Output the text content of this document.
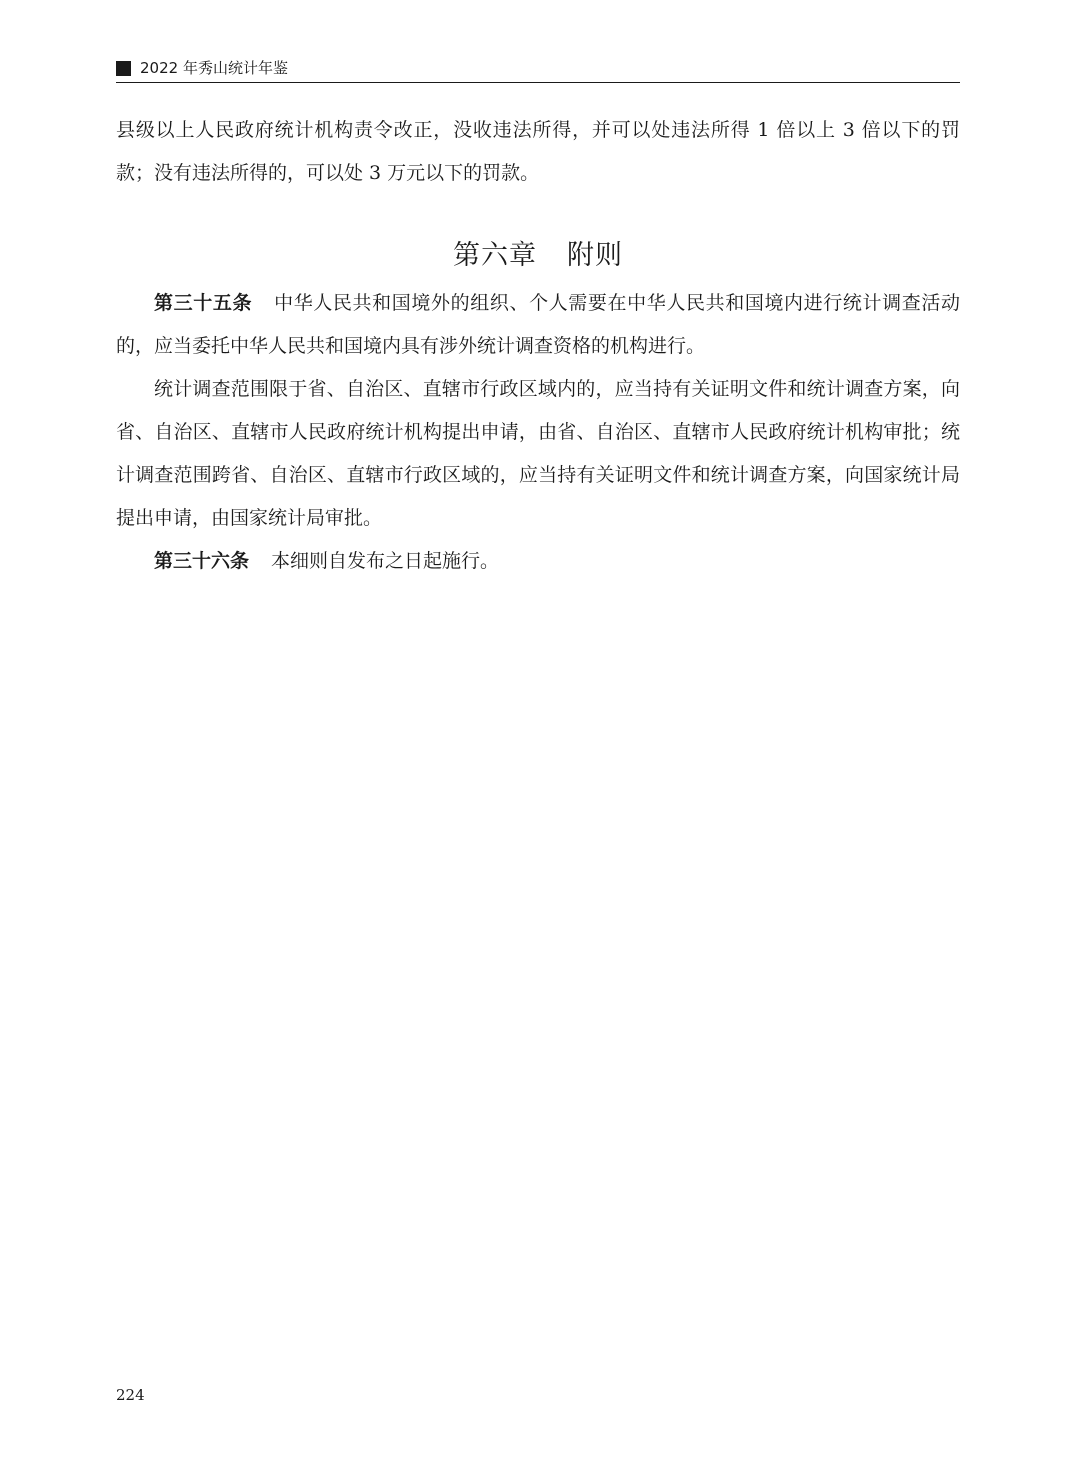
2022 年秀山统计年鉴
县级以上人民政府统计机构责令改正，没收违法所得，并可以处违法所得 1 倍以上 3 倍以下的罚款；没有违法所得的，可以处 3 万元以下的罚款。
第六章 附则

第三十五条 中华人民共和国境外的组织、个人需要在中华人民共和国境内进行统计调查活动的，应当委托中华人民共和国境内具有涉外统计调查资格的机构进行。

统计调查范围限于省、自治区、直辖市行政区域内的，应当持有关证明文件和统计调查方案，向省、自治区、直辖市人民政府统计机构提出申请，由省、自治区、直辖市人民政府统计机构审批；统计调查范围跨省、自治区、直辖市行政区域的，应当持有关证明文件和统计调查方案，向国家统计局提出申请，由国家统计局审批。

第三十六条 本细则自发布之日起施行。

224
